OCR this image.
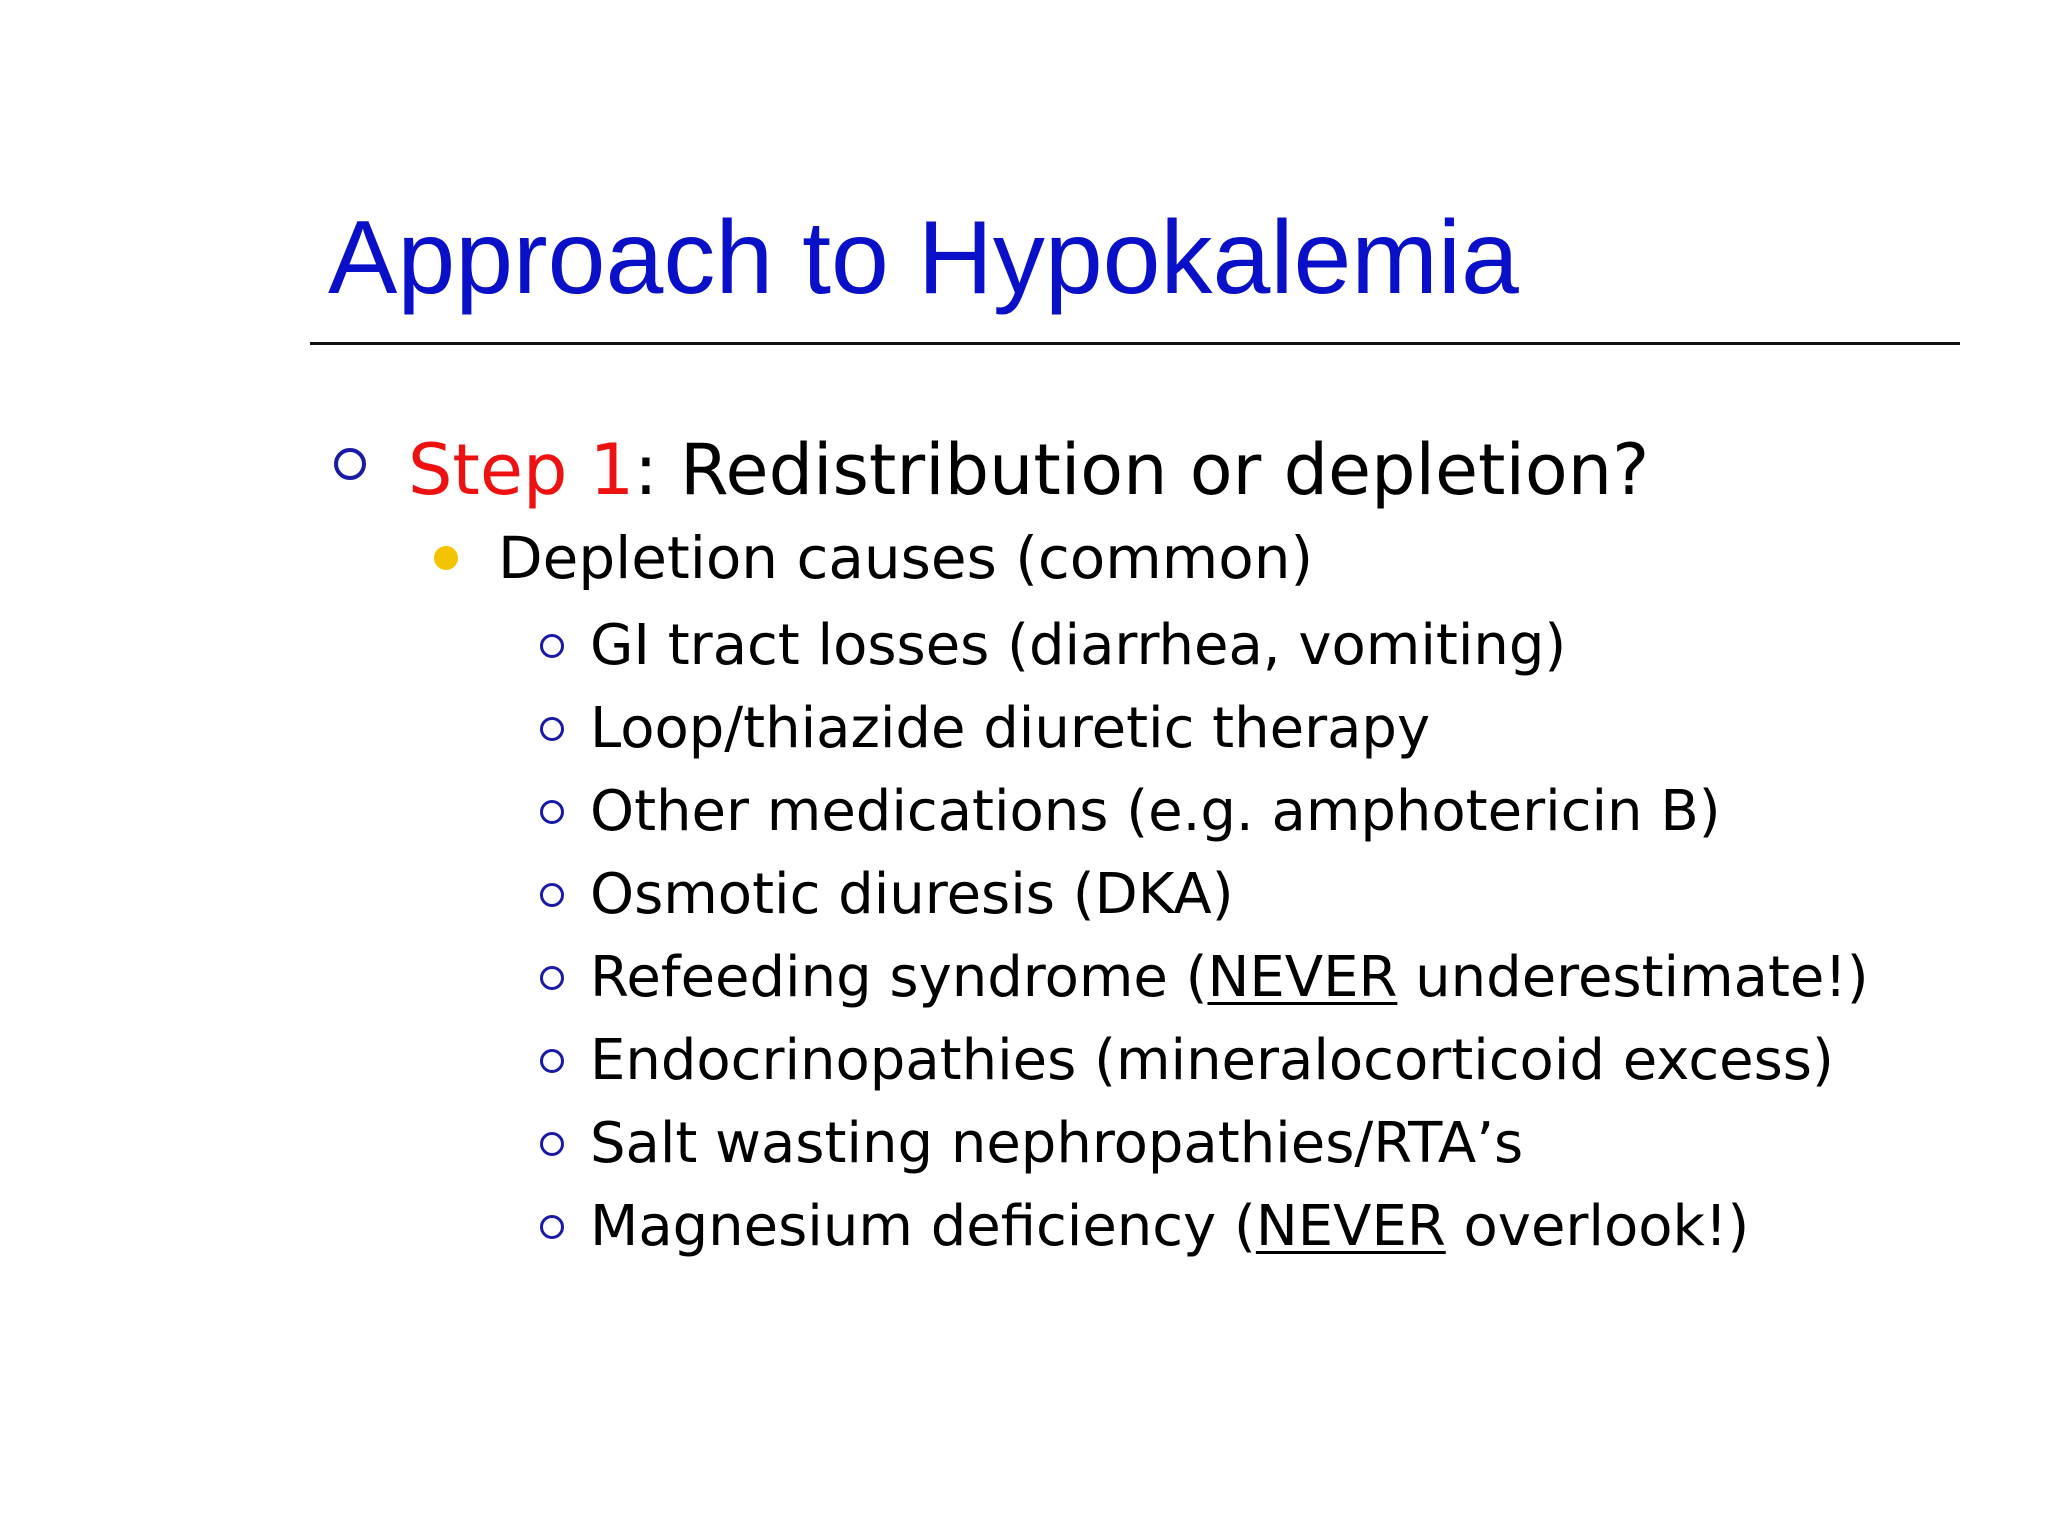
Approach to Hypokalemia
Step 1: Redistribution or depletion?
Depletion causes (common)
GI tract losses (diarrhea, vomiting)
Loop/thiazide diuretic therapy
Other medications (e.g. amphotericin B)
Osmotic diuresis (DKA)
Refeeding syndrome (NEVER underestimate!)
Endocrinopathies (mineralocorticoid excess)
Salt wasting nephropathies/RTA’s
Magnesium deficiency (NEVER overlook!)
